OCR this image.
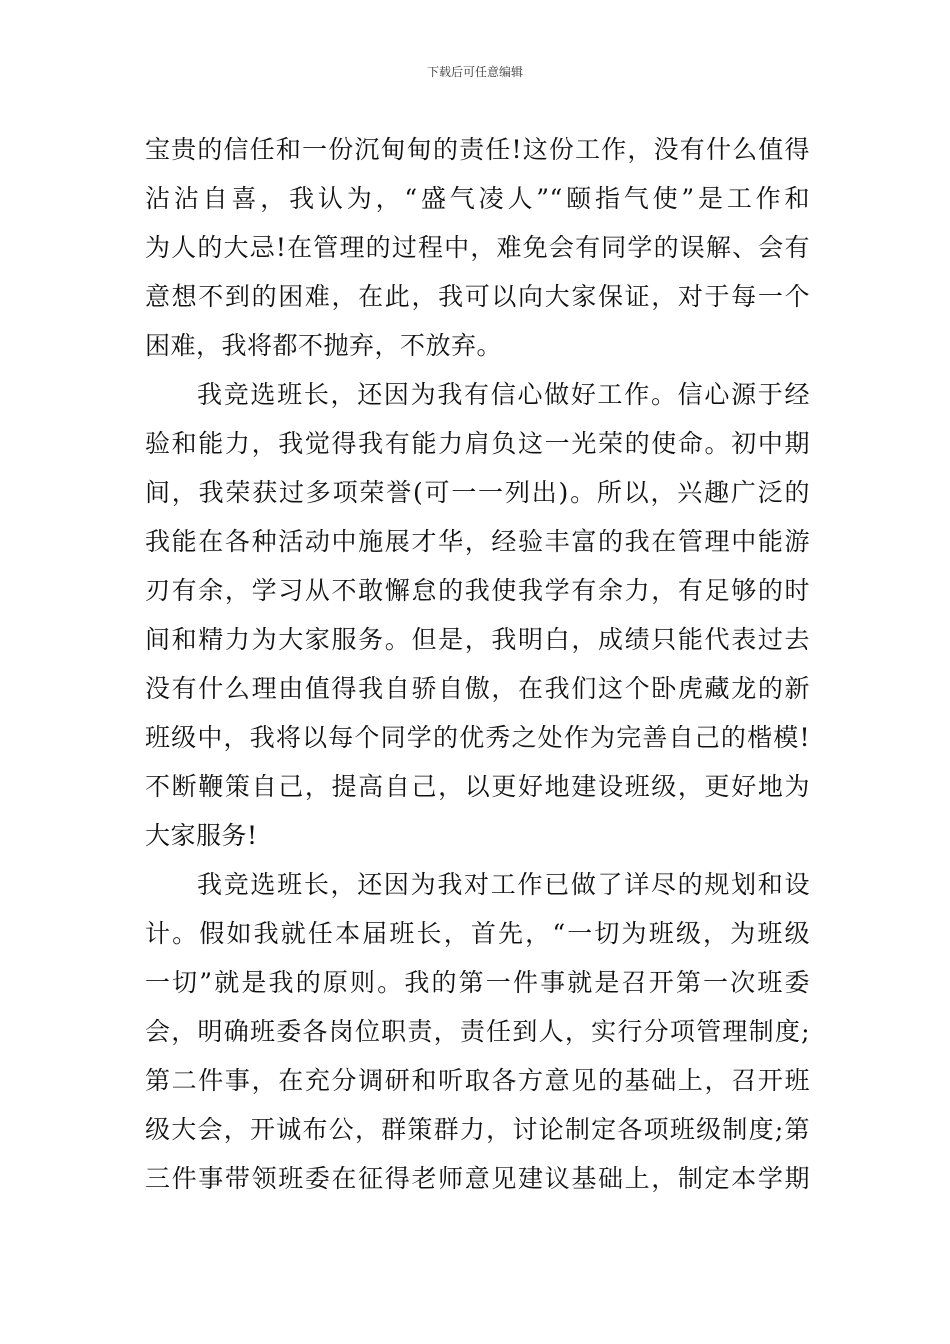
下载后可任意编辑
宝贵的信任和一份沉甸甸的责任!这份工作，没有什么值得
沾沾自喜，我认为，“盛气凌人”“颐指气使”是工作和
为人的大忌!在管理的过程中，难免会有同学的误解、会有
意想不到的困难，在此，我可以向大家保证，对于每一个
困难，我将都不抛弃，不放弃。
我竞选班长，还因为我有信心做好工作。信心源于经
验和能力，我觉得我有能力肩负这一光荣的使命。初中期
间，我荣获过多项荣誉(可一一列出)。所以，兴趣广泛的
我能在各种活动中施展才华，经验丰富的我在管理中能游
刃有余，学习从不敢懈怠的我使我学有余力，有足够的时
间和精力为大家服务。但是，我明白，成绩只能代表过去
没有什么理由值得我自骄自傲，在我们这个卧虎藏龙的新
班级中，我将以每个同学的优秀之处作为完善自己的楷模!
不断鞭策自己，提高自己，以更好地建设班级，更好地为
大家服务!
我竞选班长，还因为我对工作已做了详尽的规划和设
计。假如我就任本届班长，首先，“一切为班级，为班级
一切”就是我的原则。我的第一件事就是召开第一次班委
会，明确班委各岗位职责，责任到人，实行分项管理制度;
第二件事，在充分调研和听取各方意见的基础上，召开班
级大会，开诚布公，群策群力，讨论制定各项班级制度;第
三件事带领班委在征得老师意见建议基础上，制定本学期
